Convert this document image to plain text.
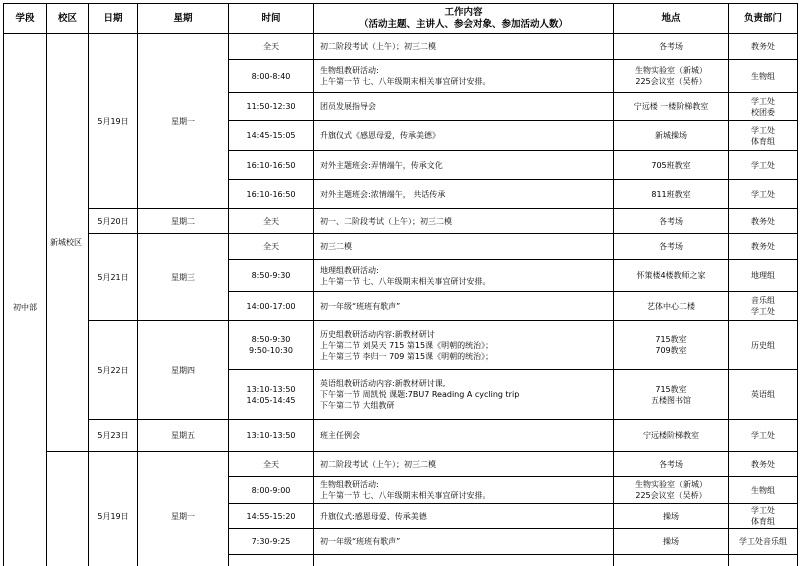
学段	校区	日期	星期	时间	工作内容
（活动主题、主讲人、参会对象、参加活动人数）	地点	负责部门
初中部	新城校区	5月19日	星期一	全天	初二阶段考试（上午）；初三二模	各考场	教务处

				8:00-8:40	生物组教研活动:
上午第一节 七、八年级期末相关事宜研讨安排。	生物实验室（新城）
225会议室（吴桥）	生物组

				11:50-12:30	团员发展指导会	宁远楼 一楼阶梯教室	学工处
校团委

				14:45-15:05	升旗仪式《感恩母爱，传承美德》	新城操场	学工处
体育组

				16:10-16:50	对外主题班会:弄情端午，传承文化	705班教室	学工处

				16:10-16:50	对外主题班会:浓情端午， 共话传承	811班教室	学工处

		5月20日	星期二	全天	初一、二阶段考试（上午）；初三二模	各考场	教务处

		5月21日	星期三	全天	初三二模	各考场	教务处

				8:50-9:30	地理组教研活动:
上午第一节 七、八年级期末相关事宜研讨安排。	怀策楼4楼教师之家	地理组

				14:00-17:00	初一年级“班班有歌声”	艺体中心二楼	音乐组
学工处

		5月22日	星期四	8:50-9:30
9:50-10:30	历史组教研活动内容:新教材研讨
上午第二节 刘昊天 715 第15课《明朝的统治》；
上午第三节 李归一 709 第15课《明朝的统治》；	715教室
709教室	历史组

				13:10-13:50
14:05-14:45	英语组教研活动内容:新教材研讨课,
下午第一节 周凯悦 课题:7BU7 Reading A cycling trip
下午第二节 大组教研	715教室
五楼图书馆	英语组

		5月23日	星期五	13:10-13:50	班主任例会	宁远楼阶梯教室	学工处

		5月19日	星期一	全天	初二阶段考试（上午）；初三二模	各考场	教务处

				8:00-9:00	生物组教研活动:
上午第一节 七、八年级期末相关事宜研讨安排。	生物实验室（新城）
225会议室（吴桥）	生物组

				14:55-15:20	升旗仪式:感恩母爱、传承美德	操场	学工处
体育组

				7:30-9:25	初一年级“班班有歌声”	操场	学工处音乐组
